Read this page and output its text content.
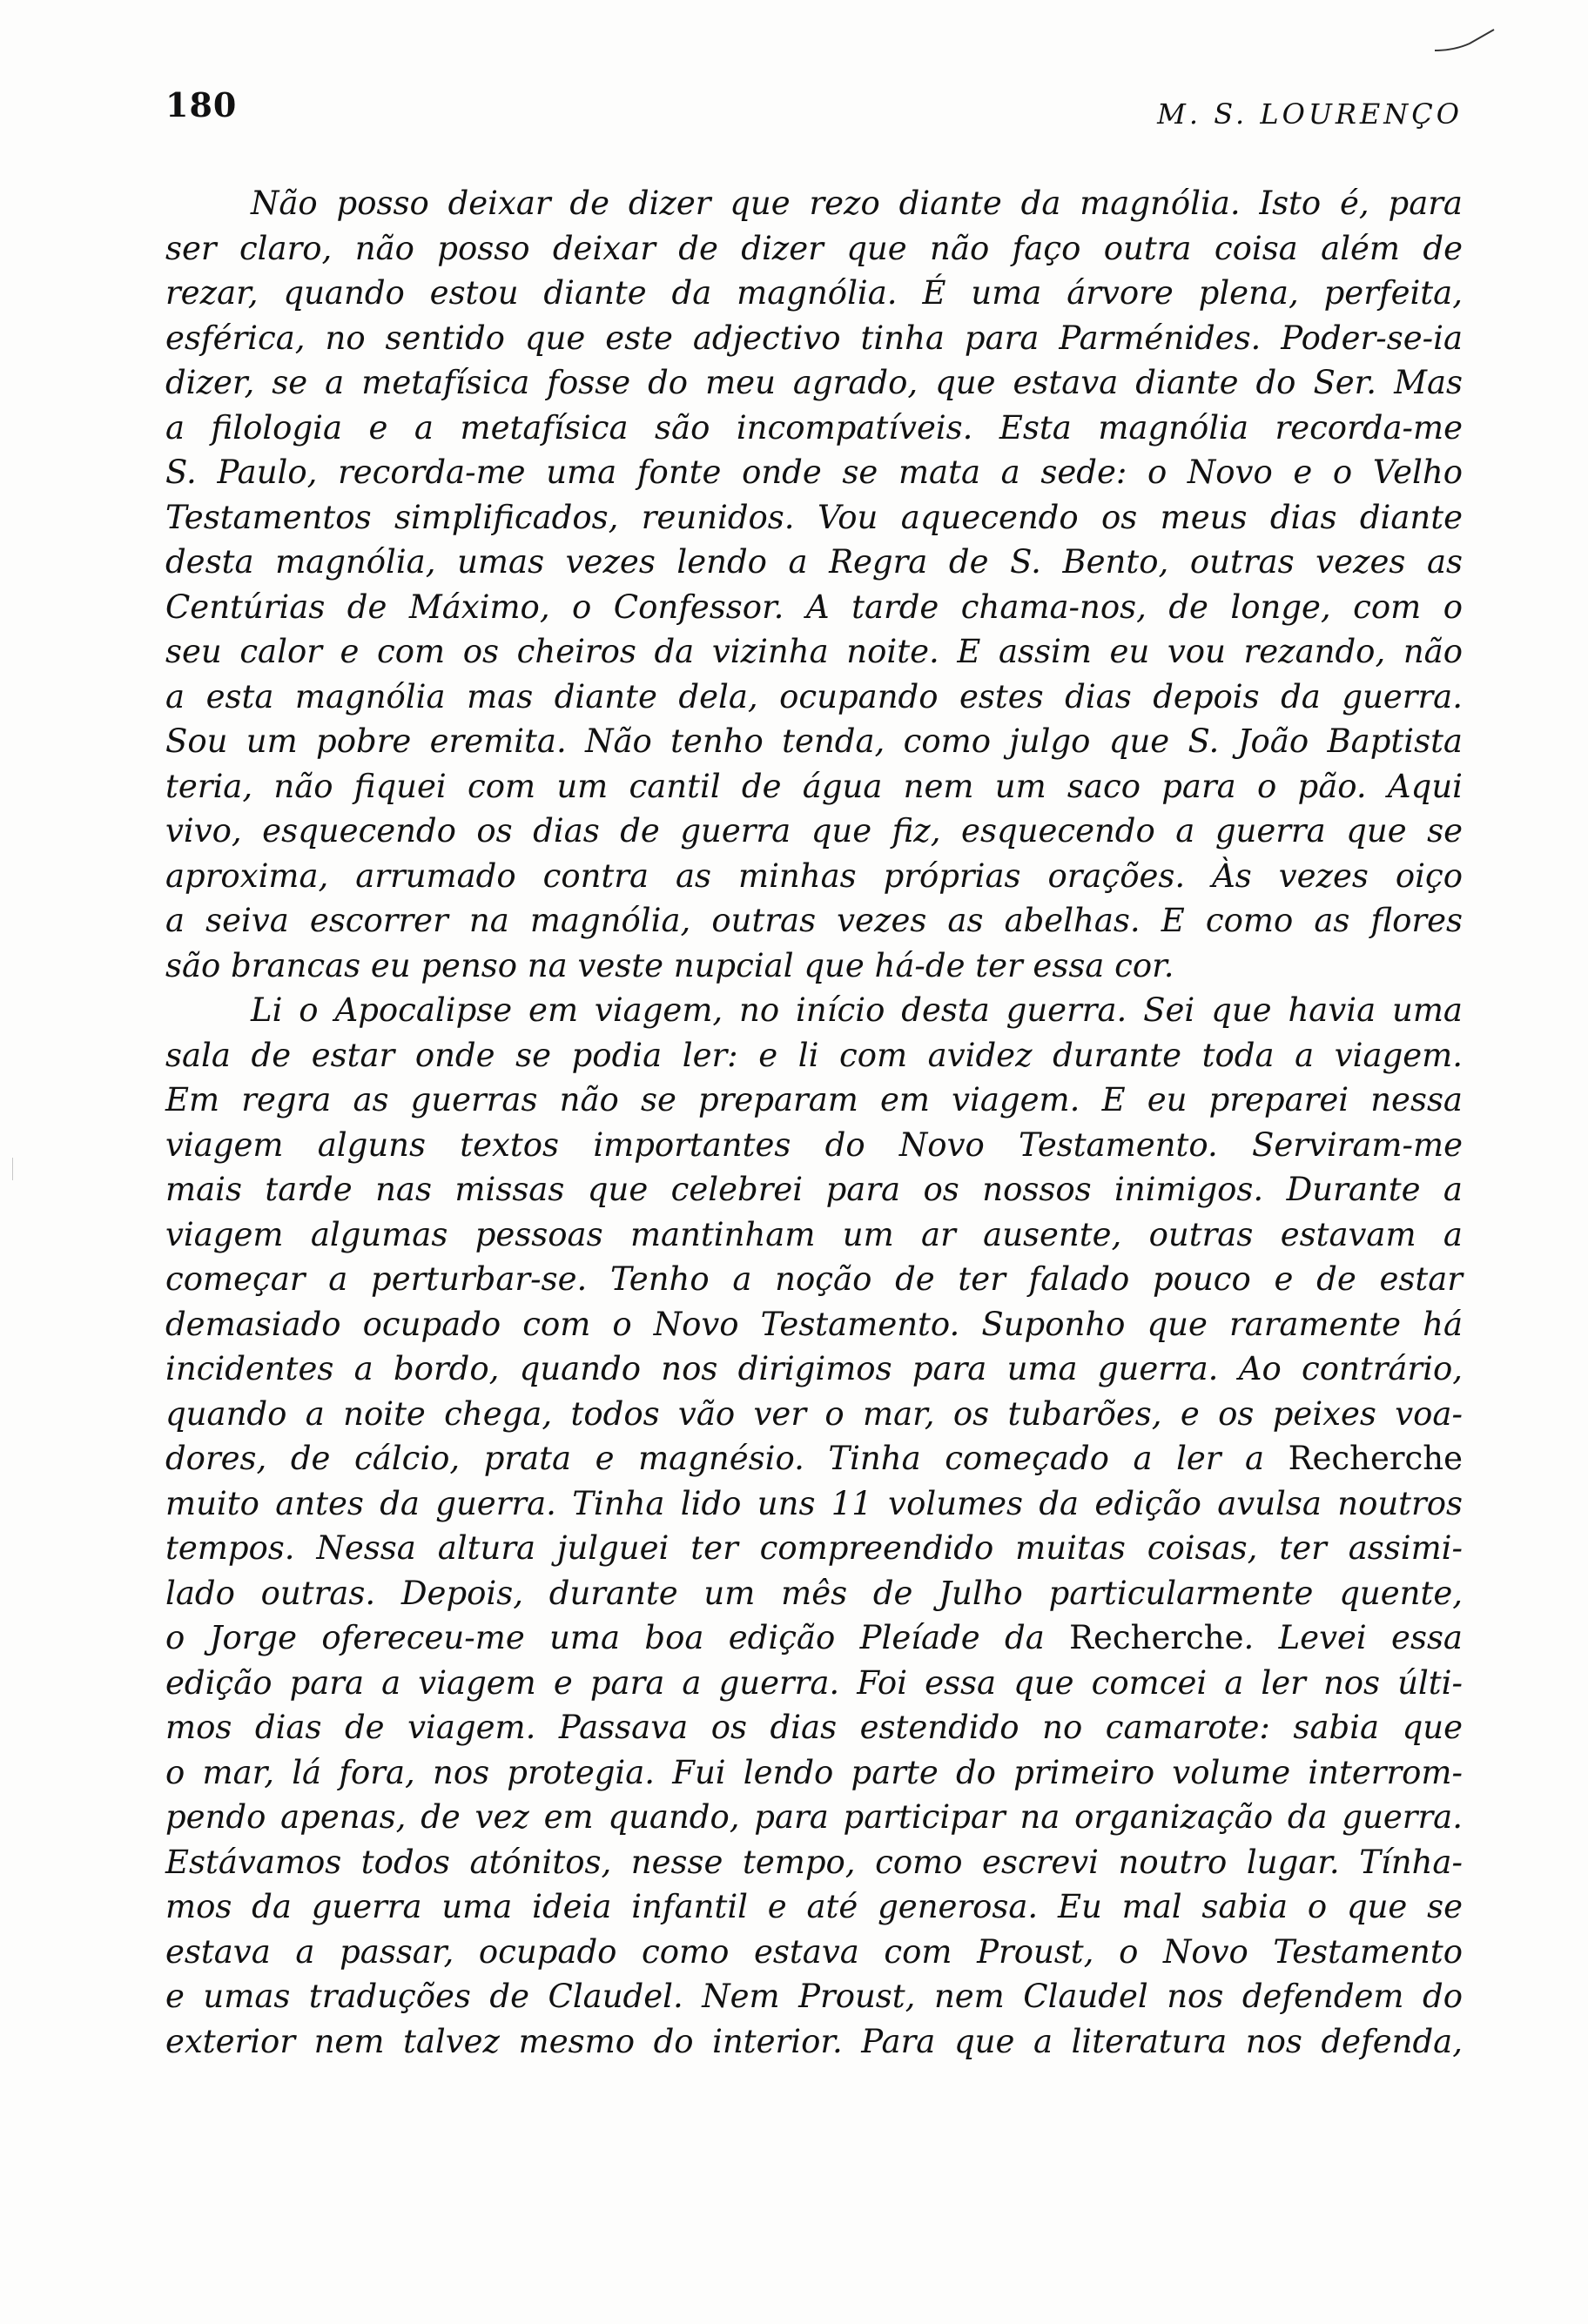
180	M. S. LOURENÇO
Não posso deixar de dizer que rezo diante da magnólia. Isto é, para
ser claro, não posso deixar de dizer que não faço outra coisa além de
rezar, quando estou diante da magnólia. É uma árvore plena, perfeita,
esférica, no sentido que este adjectivo tinha para Parménides. Poder-se-ia
dizer, se a metafísica fosse do meu agrado, que estava diante do Ser. Mas
a filologia e a metafísica são incompatíveis. Esta magnólia recorda-me
S. Paulo, recorda-me uma fonte onde se mata a sede: o Novo e o Velho
Testamentos simplificados, reunidos. Vou aquecendo os meus dias diante
desta magnólia, umas vezes lendo a Regra de S. Bento, outras vezes as
Centúrias de Máximo, o Confessor. A tarde chama-nos, de longe, com o
seu calor e com os cheiros da vizinha noite. E assim eu vou rezando, não
a esta magnólia mas diante dela, ocupando estes dias depois da guerra.
Sou um pobre eremita. Não tenho tenda, como julgo que S. João Baptista
teria, não fiquei com um cantil de água nem um saco para o pão. Aqui
vivo, esquecendo os dias de guerra que fiz, esquecendo a guerra que se
aproxima, arrumado contra as minhas próprias orações. Às vezes oiço
a seiva escorrer na magnólia, outras vezes as abelhas. E como as flores
são brancas eu penso na veste nupcial que há-de ter essa cor.
Li o Apocalipse em viagem, no início desta guerra. Sei que havia uma
sala de estar onde se podia ler: e li com avidez durante toda a viagem.
Em regra as guerras não se preparam em viagem. E eu preparei nessa
viagem alguns textos importantes do Novo Testamento. Serviram-me
mais tarde nas missas que celebrei para os nossos inimigos. Durante a
viagem algumas pessoas mantinham um ar ausente, outras estavam a
começar a perturbar-se. Tenho a noção de ter falado pouco e de estar
demasiado ocupado com o Novo Testamento. Suponho que raramente há
incidentes a bordo, quando nos dirigimos para uma guerra. Ao contrário,
quando a noite chega, todos vão ver o mar, os tubarões, e os peixes voa-
dores, de cálcio, prata e magnésio. Tinha começado a ler a Recherche
muito antes da guerra. Tinha lido uns 11 volumes da edição avulsa noutros
tempos. Nessa altura julguei ter compreendido muitas coisas, ter assimi-
lado outras. Depois, durante um mês de Julho particularmente quente,
o Jorge ofereceu-me uma boa edição Pleíade da Recherche. Levei essa
edição para a viagem e para a guerra. Foi essa que comcei a ler nos últi-
mos dias de viagem. Passava os dias estendido no camarote: sabia que
o mar, lá fora, nos protegia. Fui lendo parte do primeiro volume interrom-
pendo apenas, de vez em quando, para participar na organização da guerra.
Estávamos todos atónitos, nesse tempo, como escrevi noutro lugar. Tínha-
mos da guerra uma ideia infantil e até generosa. Eu mal sabia o que se
estava a passar, ocupado como estava com Proust, o Novo Testamento
e umas traduções de Claudel. Nem Proust, nem Claudel nos defendem do
exterior nem talvez mesmo do interior. Para que a literatura nos defenda,
